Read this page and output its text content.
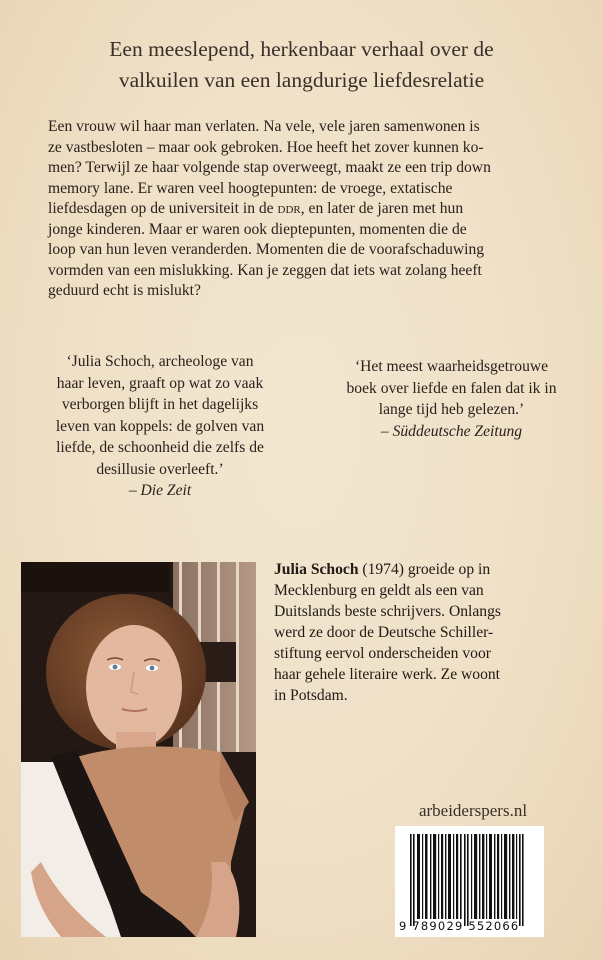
Een meeslepend, herkenbaar verhaal over de
valkuilen van een langdurige liefdesrelatie
Een vrouw wil haar man verlaten. Na vele, vele jaren samenwonen is
ze vastbesloten – maar ook gebroken. Hoe heeft het zover kunnen ko-
men? Terwijl ze haar volgende stap overweegt, maakt ze een trip down
memory lane. Er waren veel hoogtepunten: de vroege, extatische
liefdesdagen op de universiteit in de ddr, en later de jaren met hun
jonge kinderen. Maar er waren ook dieptepunten, momenten die de
loop van hun leven veranderden. Momenten die de voorafschaduwing
vormden van een mislukking. Kan je zeggen dat iets wat zolang heeft
geduurd echt is mislukt?
‘Julia Schoch, archeologe van
haar leven, graaft op wat zo vaak
verborgen blijft in het dagelijks
leven van koppels: de golven van
liefde, de schoonheid die zelfs de
desillusie overleeft.’
– Die Zeit
‘Het meest waarheidsgetrouwe
boek over liefde en falen dat ik in
lange tijd heb gelezen.’
– Süddeutsche Zeitung
Julia Schoch (1974) groeide op in
Mecklenburg en geldt als een van
Duitslands beste schrijvers. Onlangs
werd ze door de Deutsche Schiller-
stiftung eervol onderscheiden voor
haar gehele literaire werk. Ze woont
in Potsdam.
arbeiderspers.nl
9 789029 552066
